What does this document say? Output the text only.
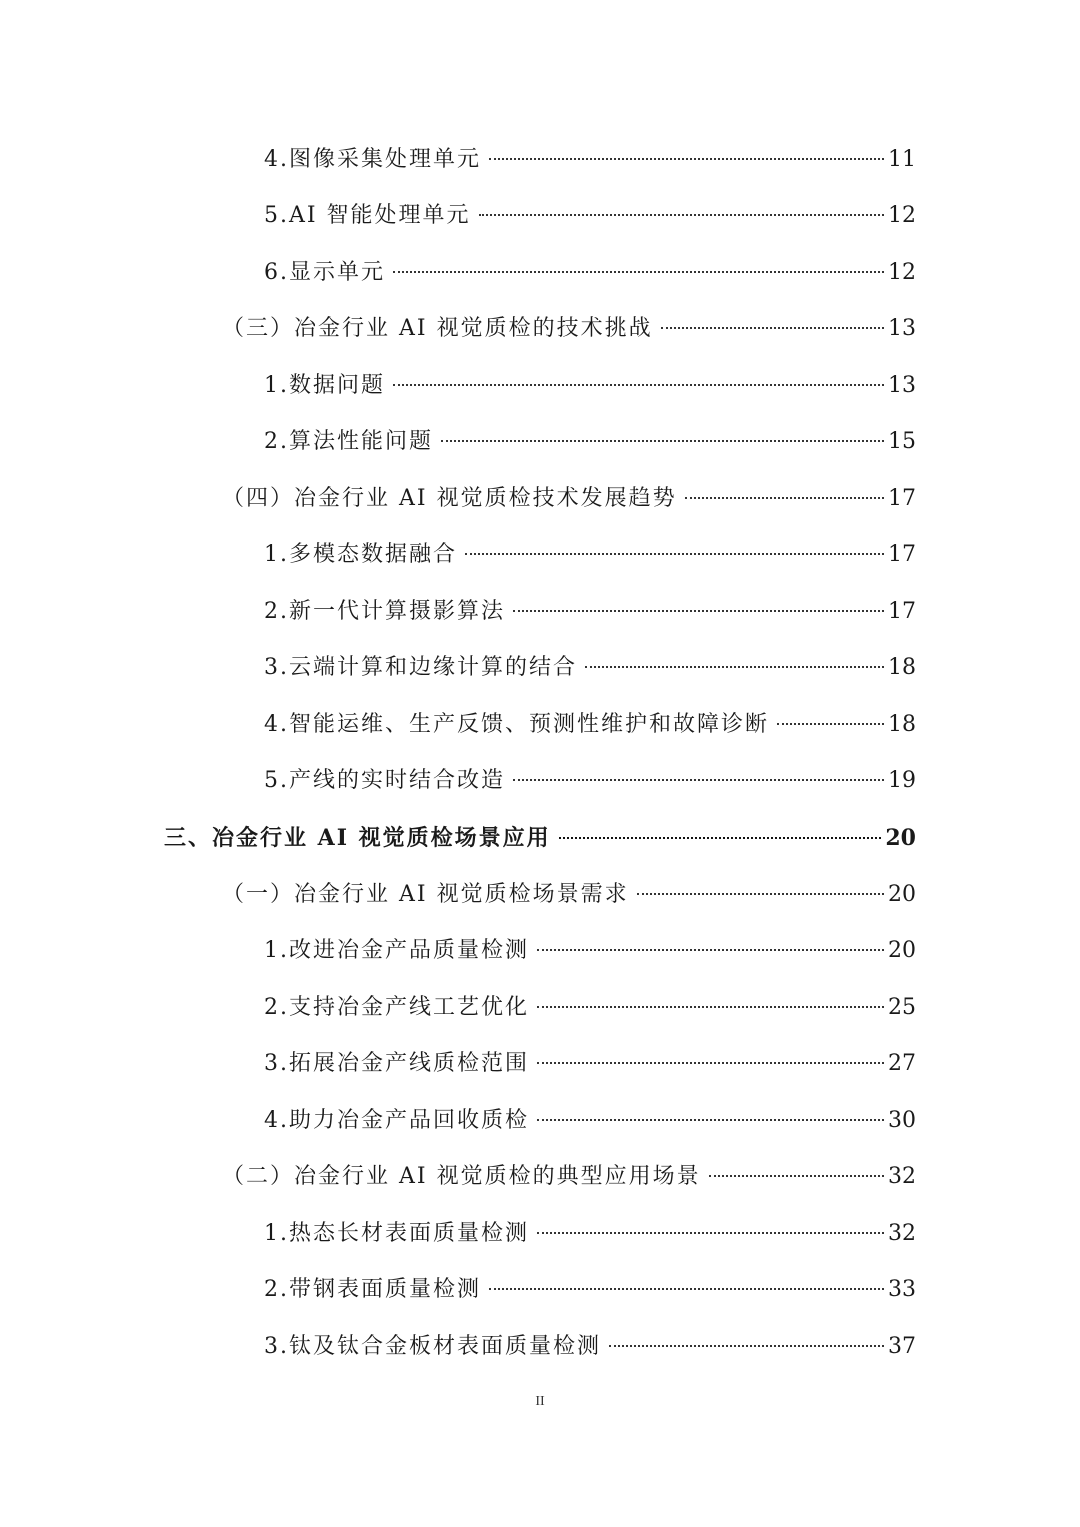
4.图像采集处理单元	11
5.AI 智能处理单元	12
6.显示单元	12
（三）冶金行业 AI 视觉质检的技术挑战	13
1.数据问题	13
2.算法性能问题	15
（四）冶金行业 AI 视觉质检技术发展趋势	17
1.多模态数据融合	17
2.新一代计算摄影算法	17
3.云端计算和边缘计算的结合	18
4.智能运维、生产反馈、预测性维护和故障诊断	18
5.产线的实时结合改造	19
三、冶金行业 AI 视觉质检场景应用	20
（一）冶金行业 AI 视觉质检场景需求	20
1.改进冶金产品质量检测	20
2.支持冶金产线工艺优化	25
3.拓展冶金产线质检范围	27
4.助力冶金产品回收质检	30
（二）冶金行业 AI 视觉质检的典型应用场景	32
1.热态长材表面质量检测	32
2.带钢表面质量检测	33
3.钛及钛合金板材表面质量检测	37
II
